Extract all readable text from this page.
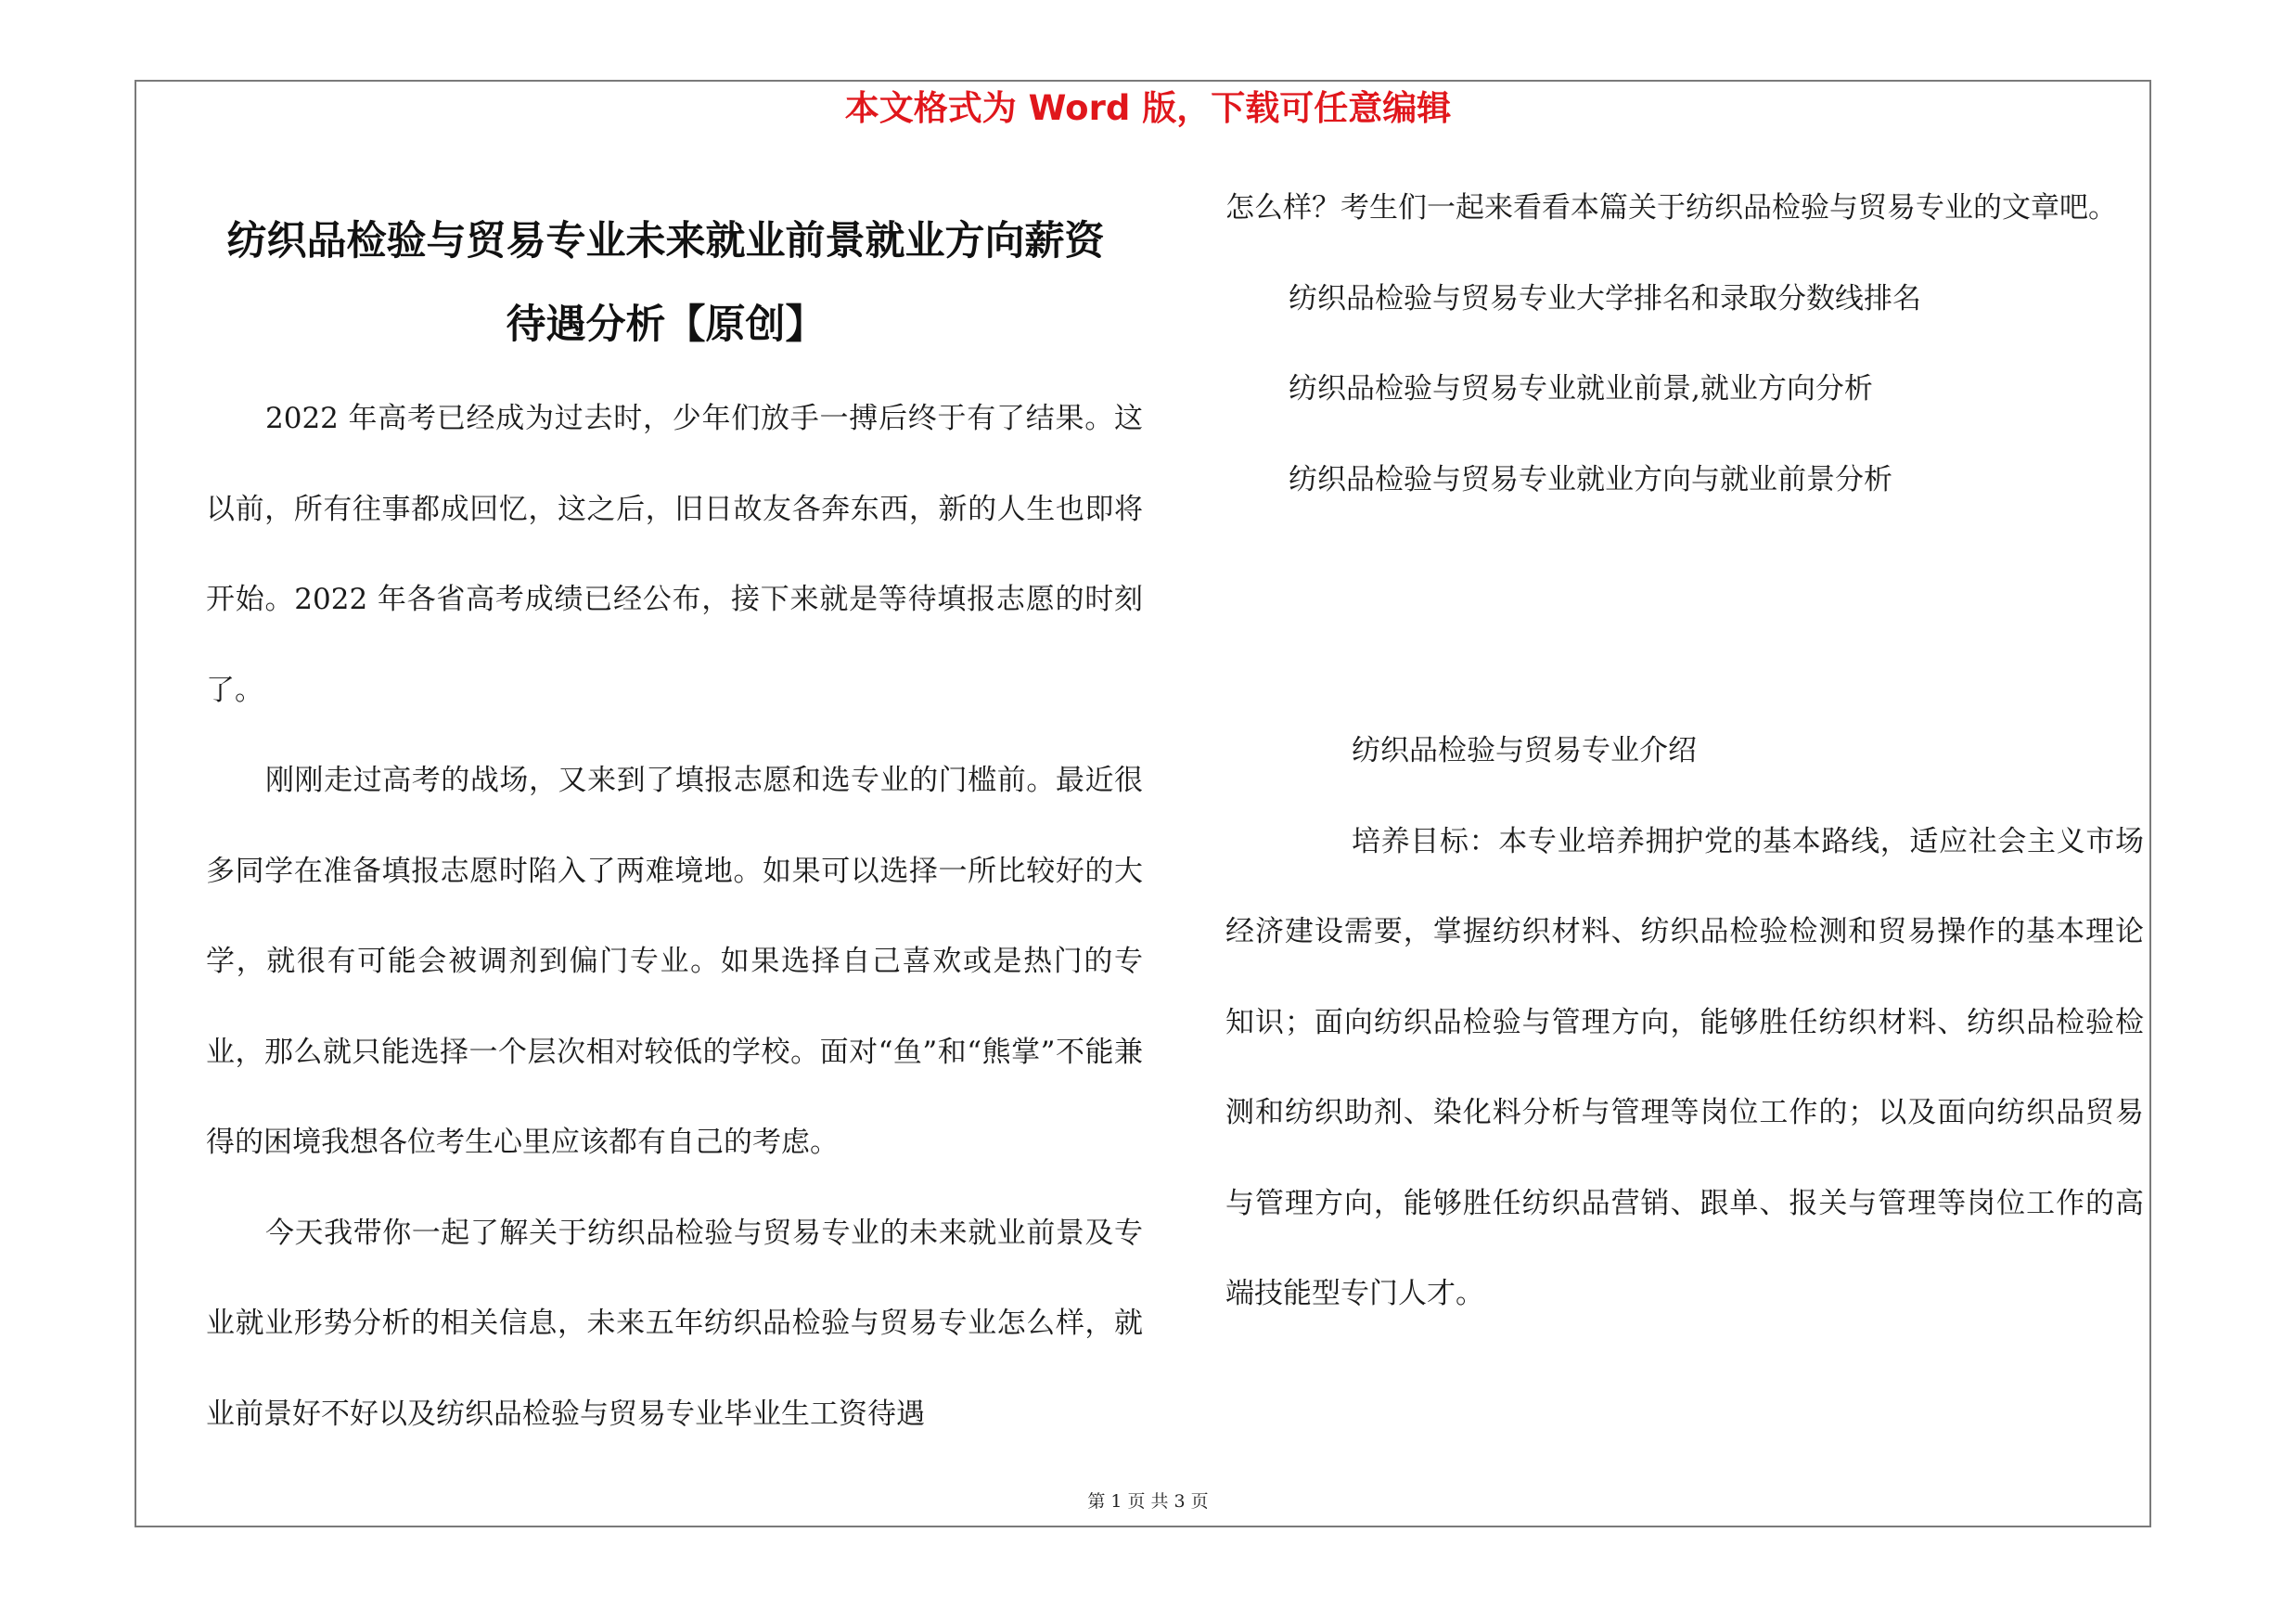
本文格式为 Word 版，下载可任意编辑
纺织品检验与贸易专业未来就业前景就业方向薪资
待遇分析【原创】

2022 年高考已经成为过去时，少年们放手一搏后终于有了结果。这以前，所有往事都成回忆，这之后，旧日故友各奔东西，新的人生也即将开始。2022 年各省高考成绩已经公布，接下来就是等待填报志愿的时刻了。

刚刚走过高考的战场，又来到了填报志愿和选专业的门槛前。最近很多同学在准备填报志愿时陷入了两难境地。如果可以选择一所比较好的大学，就很有可能会被调剂到偏门专业。如果选择自己喜欢或是热门的专业，那么就只能选择一个层次相对较低的学校。面对“鱼”和“熊掌”不能兼得的困境我想各位考生心里应该都有自己的考虑。

今天我带你一起了解关于纺织品检验与贸易专业的未来就业前景及专业就业形势分析的相关信息，未来五年纺织品检验与贸易专业怎么样，就业前景好不好以及纺织品检验与贸易专业毕业生工资待遇

怎么样？考生们一起来看看本篇关于纺织品检验与贸易专业的文章吧。

纺织品检验与贸易专业大学排名和录取分数线排名

纺织品检验与贸易专业就业前景,就业方向分析

纺织品检验与贸易专业就业方向与就业前景分析

纺织品检验与贸易专业介绍

培养目标：本专业培养拥护党的基本路线，适应社会主义市场经济建设需要，掌握纺织材料、纺织品检验检测和贸易操作的基本理论知识；面向纺织品检验与管理方向，能够胜任纺织材料、纺织品检验检测和纺织助剂、染化料分析与管理等岗位工作的；以及面向纺织品贸易与管理方向，能够胜任纺织品营销、跟单、报关与管理等岗位工作的高端技能型专门人才。

第 1 页 共 3 页
